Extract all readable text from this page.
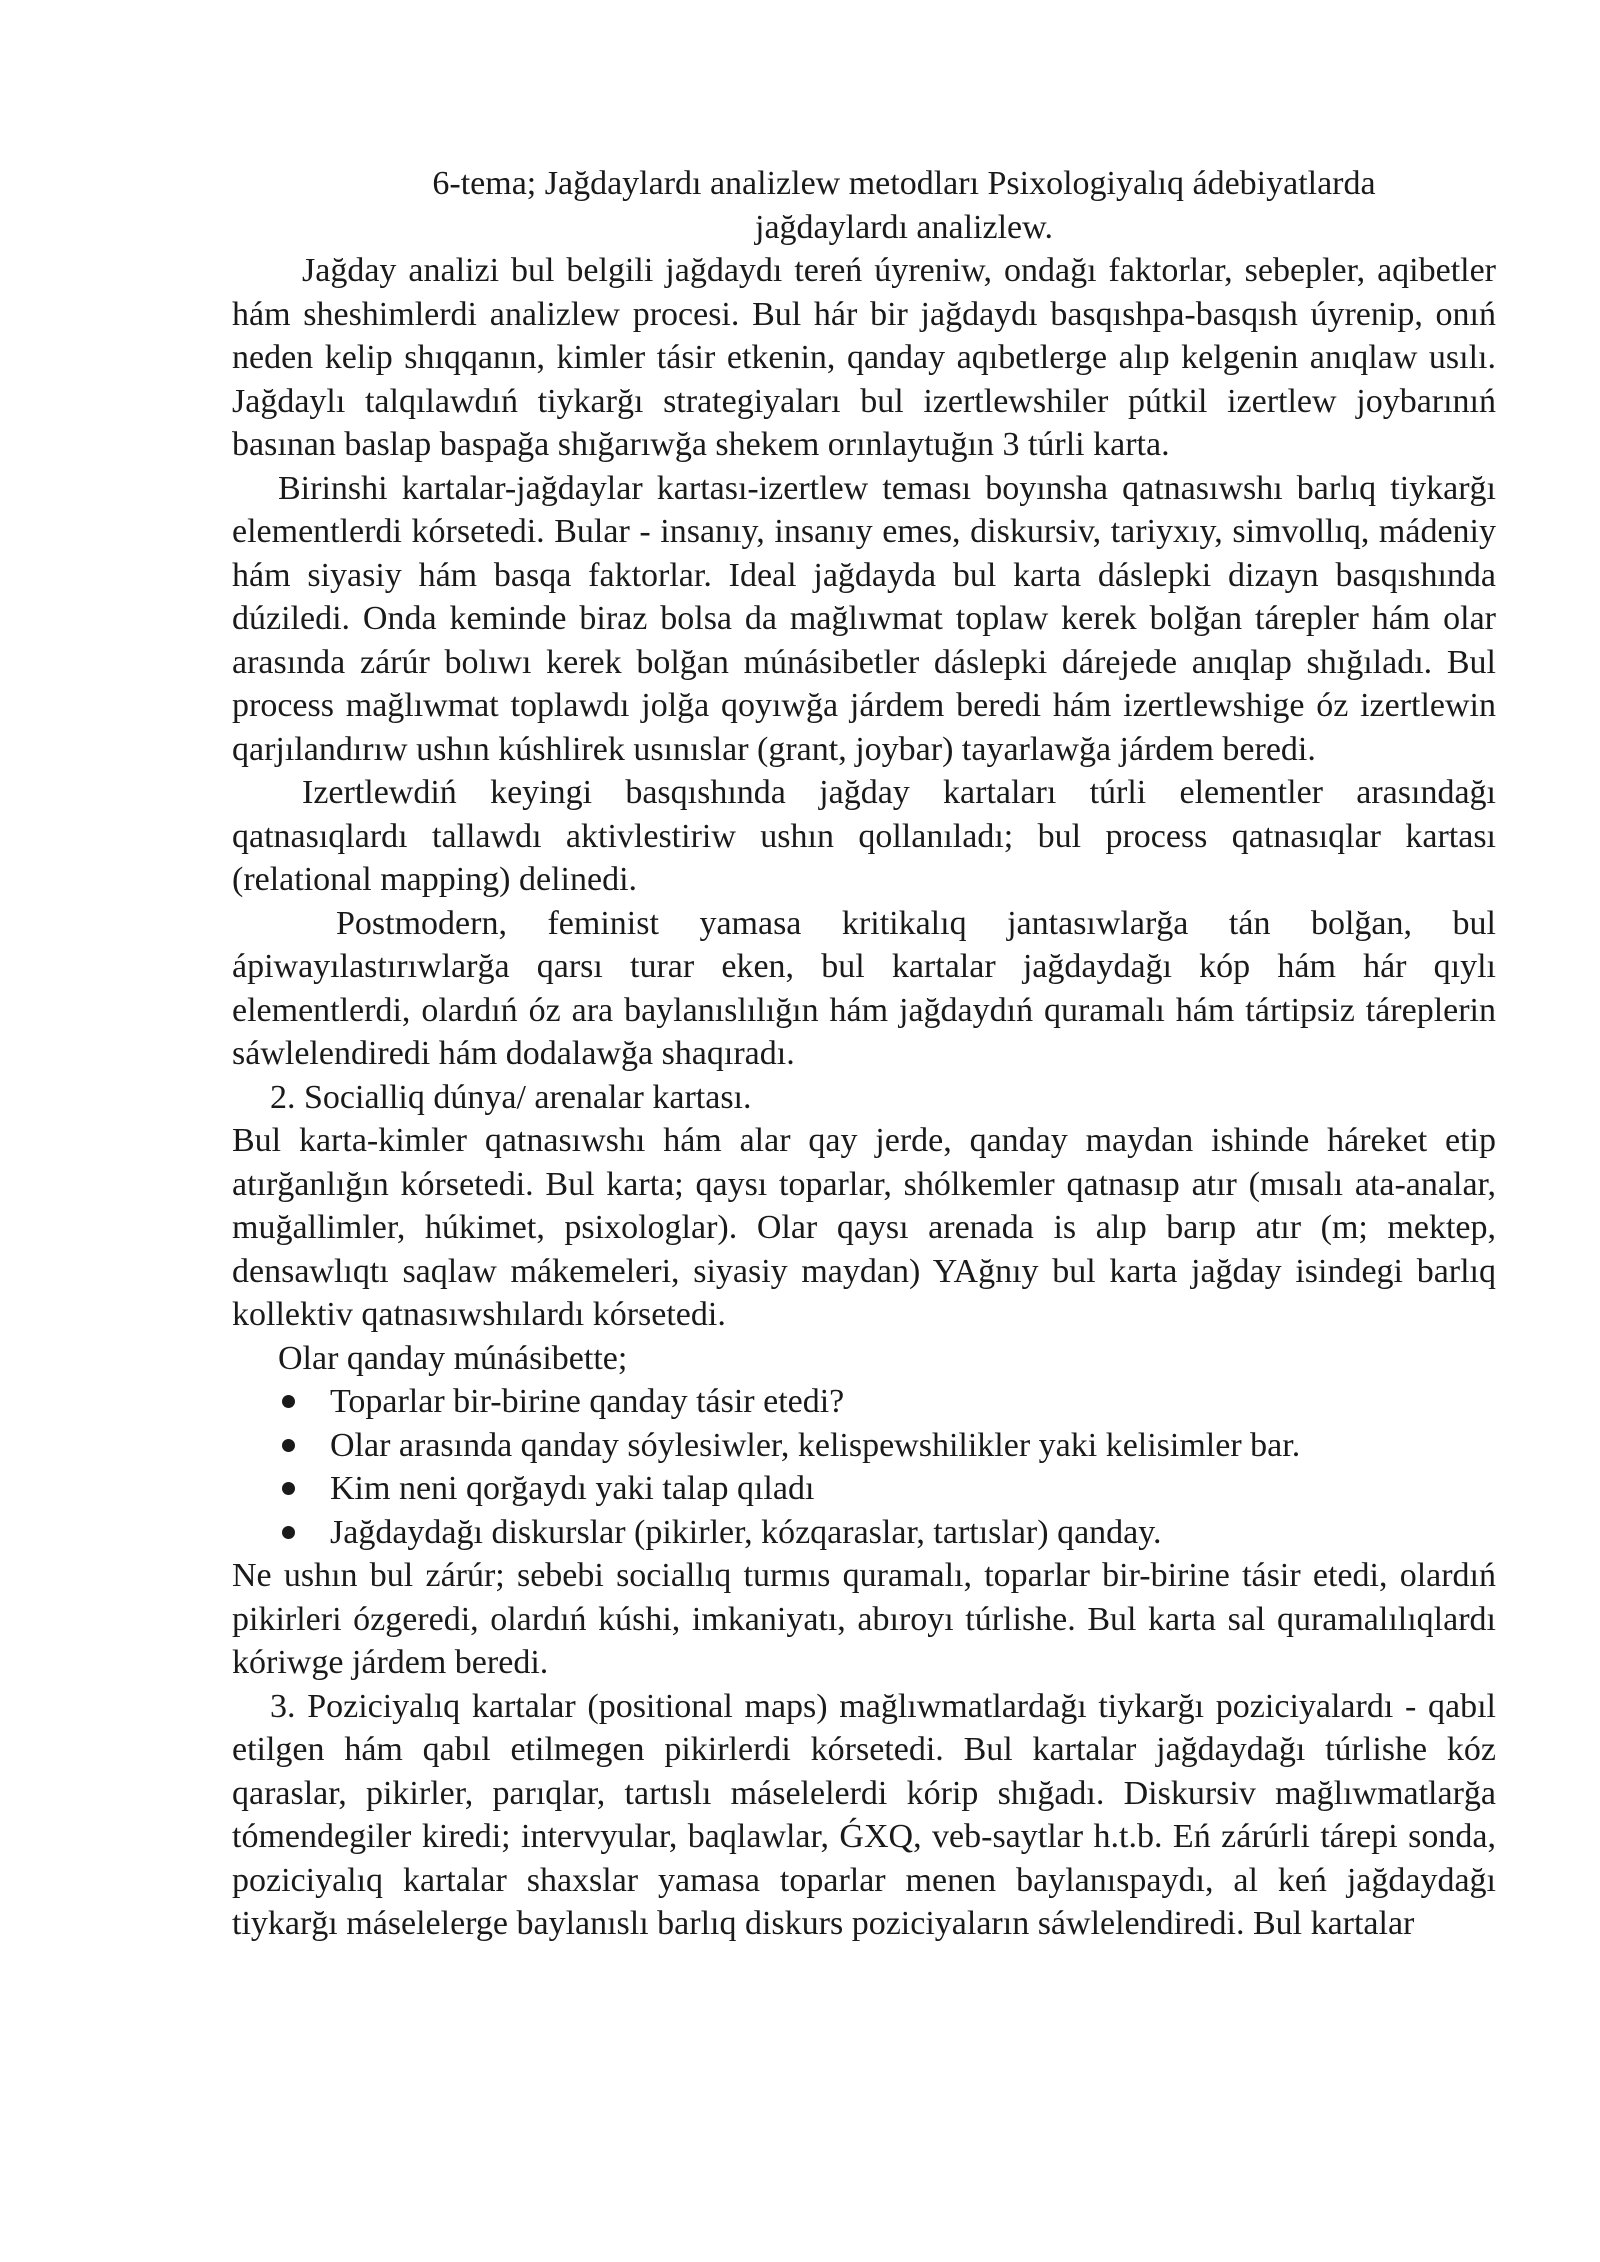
6-tema; Jağdaylardı analizlew metodları Psixologiyalıq ádebiyatlarda
jağdaylardı analizlew.

Jağday analizi bul belgili jağdaydı tereń úyreniw, ondağı faktorlar, sebepler, aqibetler hám sheshimlerdi analizlew procesi. Bul hár bir jağdaydı basqıshpa-basqısh úyrenip, onıń neden kelip shıqqanın, kimler tásir etkenin, qanday aqıbetlerge alıp kelgenin anıqlaw usılı. Jağdaylı talqılawdıń tiykarğı strategiyaları bul izertlewshiler pútkil izertlew joybarınıń basınan baslap baspağa shığarıwğa shekem orınlaytuğın 3 túrli karta.

Birinshi kartalar-jağdaylar kartası-izertlew teması boyınsha qatnasıwshı barlıq tiykarğı elementlerdi kórsetedi. Bular - insanıy, insanıy emes, diskursiv, tariyxıy, simvollıq, mádeniy hám siyasiy hám basqa faktorlar. Ideal jağdayda bul karta dáslepki dizayn basqıshında dúziledi. Onda keminde biraz bolsa da mağlıwmat toplaw kerek bolğan tárepler hám olar arasında zárúr bolıwı kerek bolğan múnásibetler dáslepki dárejede anıqlap shığıladı. Bul process mağlıwmat toplawdı jolğa qoyıwğa járdem beredi hám izertlewshige óz izertlewin qarjılandırıw ushın kúshlirek usınıslar (grant, joybar) tayarlawğa járdem beredi.

Izertlewdiń keyingi basqıshında jağday kartaları túrli elementler arasındağı qatnasıqlardı tallawdı aktivlestiriw ushın qollanıladı; bul process qatnasıqlar kartası (relational mapping) delinedi.

Postmodern, feminist yamasa kritikalıq jantasıwlarğa tán bolğan, bul ápiwayılastırıwlarğa qarsı turar eken, bul kartalar jağdaydağı kóp hám hár qıylı elementlerdi, olardıń óz ara baylanıslılığın hám jağdaydıń quramalı hám tártipsiz táreplerin sáwlelendiredi hám dodalawğa shaqıradı.

2. Socialliq dúnya/ arenalar kartası.

Bul karta-kimler qatnasıwshı hám alar qay jerde, qanday maydan ishinde háreket etip atırğanlığın kórsetedi. Bul karta; qaysı toparlar, shólkemler qatnasıp atır (mısalı ata-analar, muğallimler, húkimet, psixologlar). Olar qaysı arenada is alıp barıp atır (m; mektep, densawlıqtı saqlaw mákemeleri, siyasiy maydan) YAğnıy bul karta jağday isindegi barlıq kollektiv qatnasıwshılardı kórsetedi.

Olar qanday múnásibette;

Toparlar bir-birine qanday tásir etedi?
Olar arasında qanday sóylesiwler, kelispewshilikler yaki kelisimler bar.
Kim neni qorğaydı yaki talap qıladı
Jağdaydağı diskurslar (pikirler, kózqaraslar, tartıslar) qanday.

Ne ushın bul zárúr; sebebi sociallıq turmıs quramalı, toparlar bir-birine tásir etedi, olardıń pikirleri ózgeredi, olardıń kúshi, imkaniyatı, abıroyı túrlishe. Bul karta sal quramalılıqlardı kóriwge járdem beredi.

3. Poziciyalıq kartalar (positional maps) mağlıwmatlardağı tiykarğı poziciyalardı - qabıl etilgen hám qabıl etilmegen pikirlerdi kórsetedi. Bul kartalar jağdaydağı túrlishe kóz qaraslar, pikirler, parıqlar, tartıslı máselelerdi kórip shığadı. Diskursiv mağlıwmatlarğa tómendegiler kiredi; intervyular, baqlawlar, ǴXQ, veb-saytlar h.t.b. Eń zárúrli tárepi sonda, poziciyalıq kartalar shaxslar yamasa toparlar menen baylanıspaydı, al keń jağdaydağı tiykarğı máselelerge baylanıslı barlıq diskurs poziciyaların sáwlelendiredi. Bul kartalar
